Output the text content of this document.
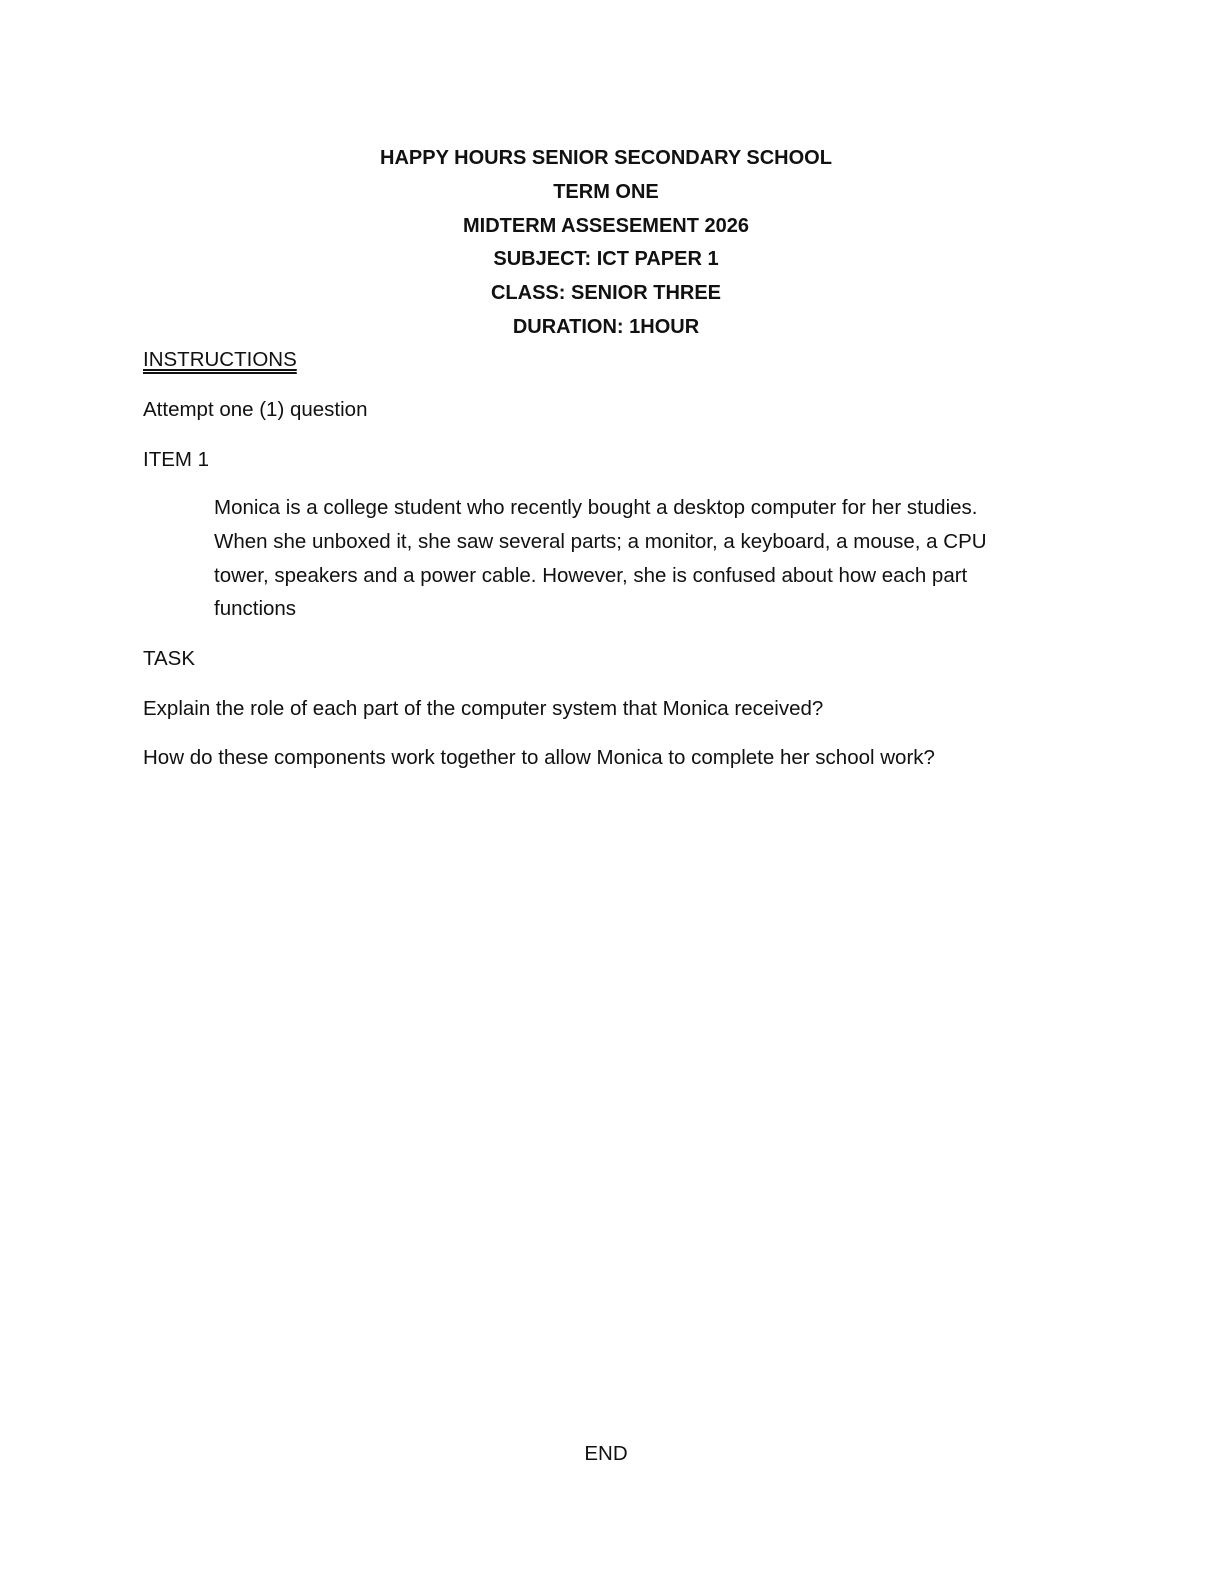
HAPPY HOURS SENIOR SECONDARY SCHOOL
TERM ONE
MIDTERM ASSESEMENT 2026
SUBJECT: ICT PAPER 1
CLASS: SENIOR THREE
DURATION: 1HOUR
INSTRUCTIONS
Attempt one (1) question
ITEM 1
Monica is a college student who recently bought a desktop computer for her studies.
When she unboxed it, she saw several parts; a monitor, a keyboard, a mouse, a CPU
tower, speakers and a power cable. However, she is confused about how each part
functions
TASK
Explain the role of each part of the computer system that Monica received?
How do these components work together to allow Monica to complete her school work?
END
